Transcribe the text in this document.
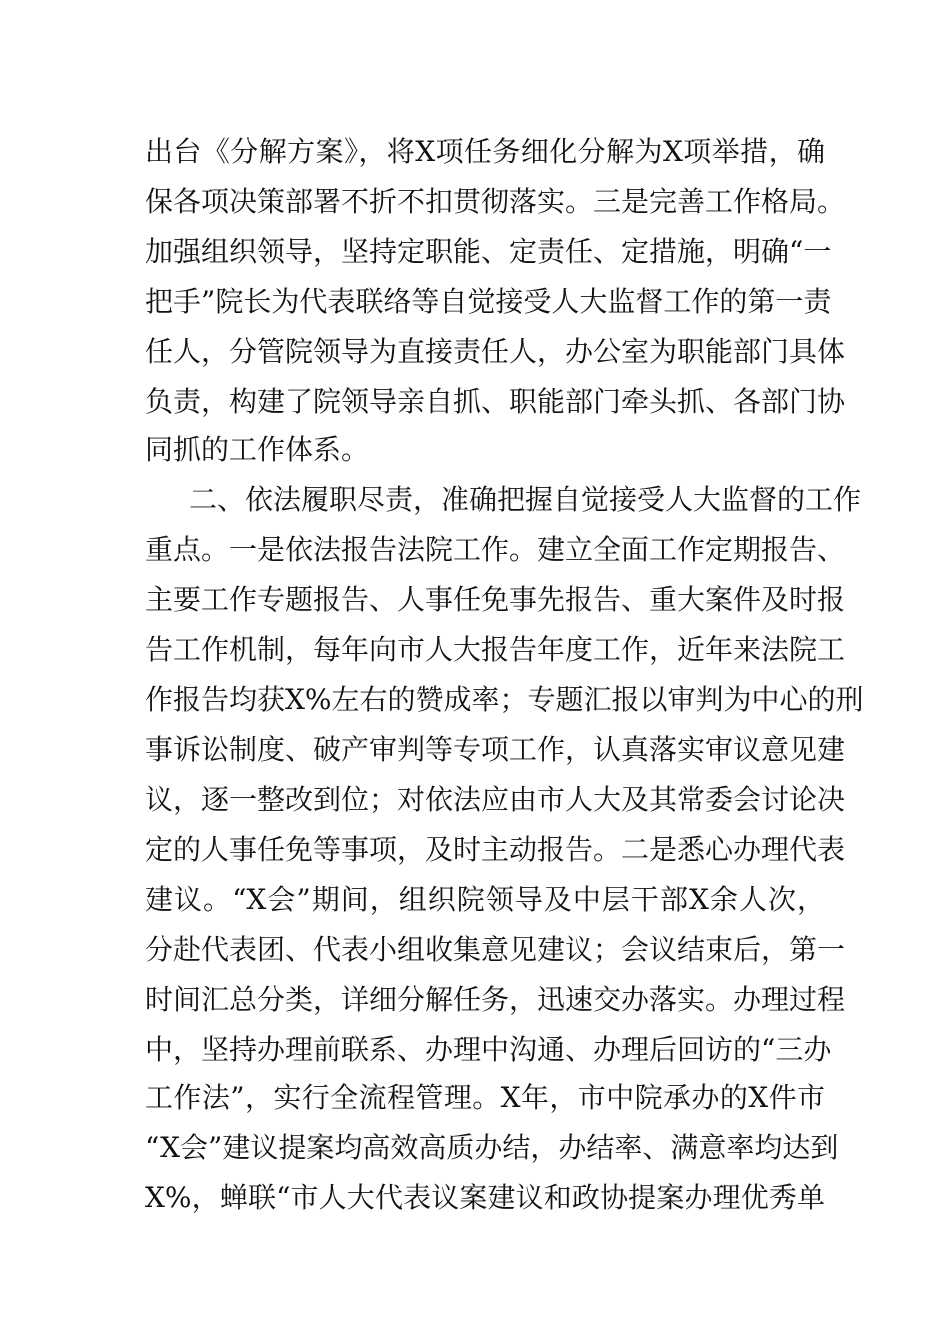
出台《分解方案》，将X项任务细化分解为X项举措，确
保各项决策部署不折不扣贯彻落实。三是完善工作格局。
加强组织领导，坚持定职能、定责任、定措施，明确“一
把手”院长为代表联络等自觉接受人大监督工作的第一责
任人，分管院领导为直接责任人，办公室为职能部门具体
负责，构建了院领导亲自抓、职能部门牵头抓、各部门协
同抓的工作体系。
二、依法履职尽责，准确把握自觉接受人大监督的工作
重点。一是依法报告法院工作。建立全面工作定期报告、
主要工作专题报告、人事任免事先报告、重大案件及时报
告工作机制，每年向市人大报告年度工作，近年来法院工
作报告均获X%左右的赞成率；专题汇报以审判为中心的刑
事诉讼制度、破产审判等专项工作，认真落实审议意见建
议，逐一整改到位；对依法应由市人大及其常委会讨论决
定的人事任免等事项，及时主动报告。二是悉心办理代表
建议。“X会”期间，组织院领导及中层干部X余人次，
分赴代表团、代表小组收集意见建议；会议结束后，第一
时间汇总分类，详细分解任务，迅速交办落实。办理过程
中，坚持办理前联系、办理中沟通、办理后回访的“三办
工作法”，实行全流程管理。X年，市中院承办的X件市
“X会”建议提案均高效高质办结，办结率、满意率均达到
X%，蝉联“市人大代表议案建议和政协提案办理优秀单
